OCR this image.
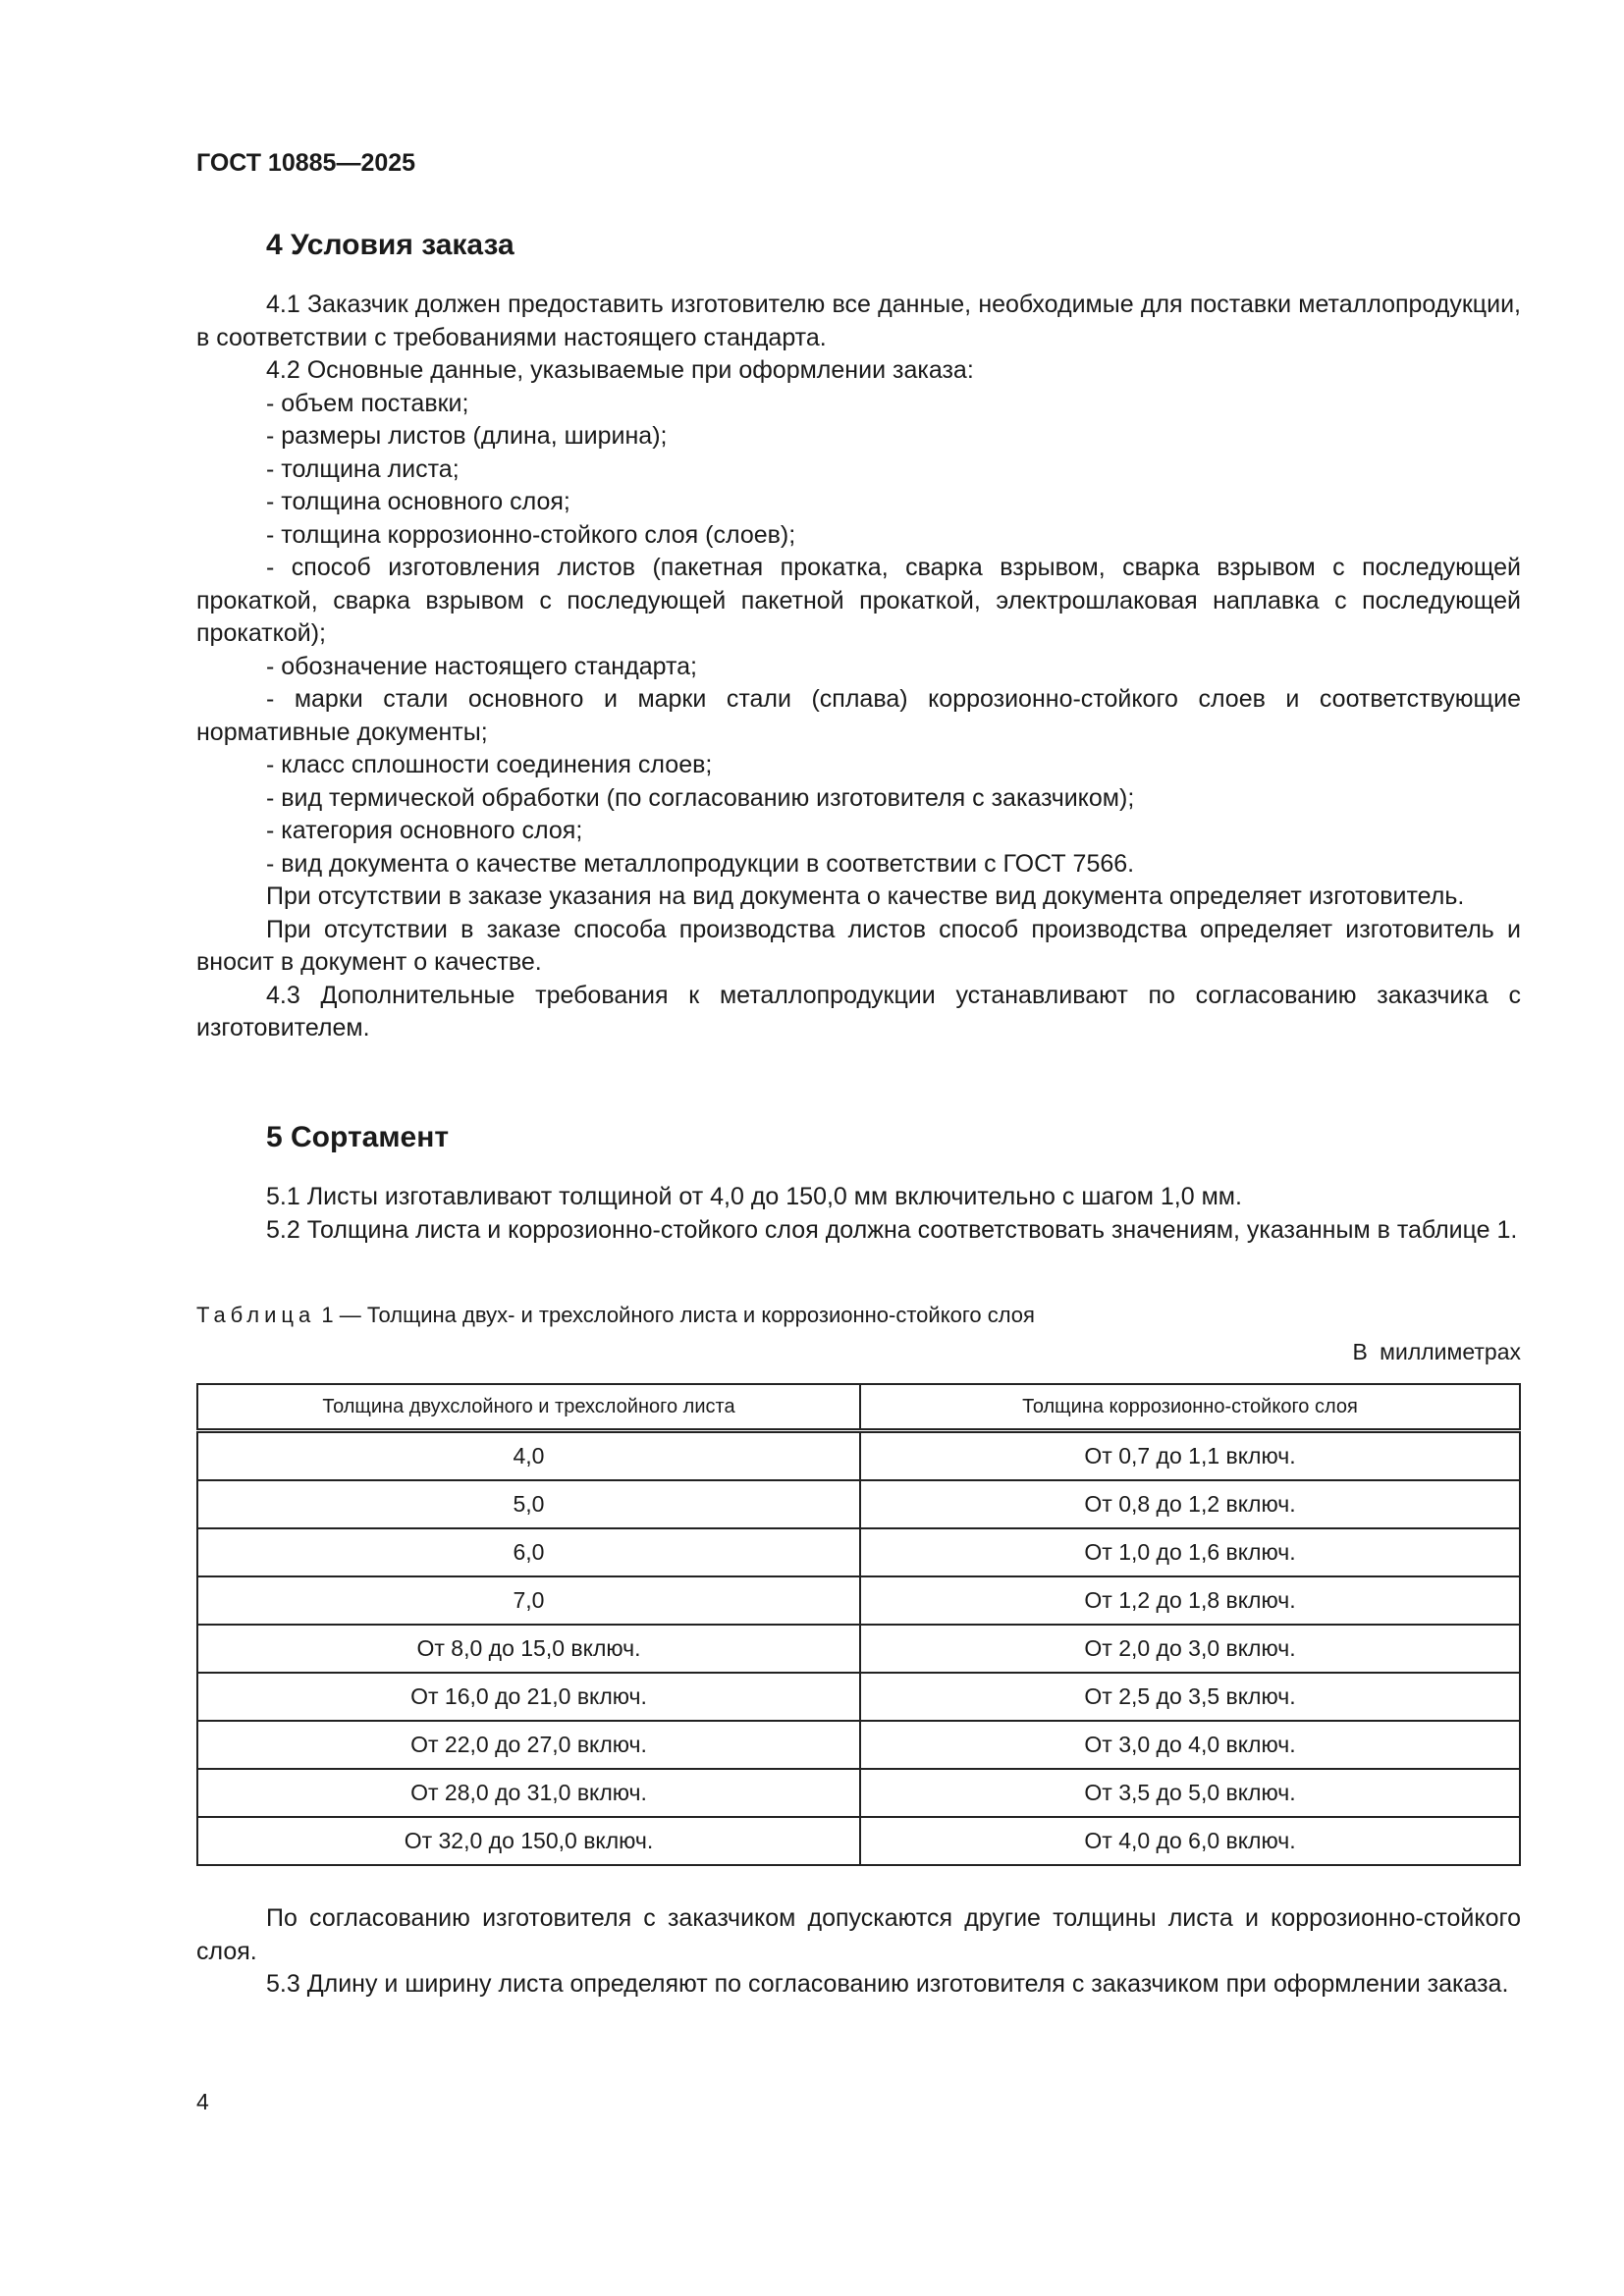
ГОСТ 10885—2025
4 Условия заказа

4.1 Заказчик должен предоставить изготовителю все данные, необходимые для поставки металлопродукции, в соответствии с требованиями настоящего стандарта.

4.2 Основные данные, указываемые при оформлении заказа:

- объем поставки;

- размеры листов (длина, ширина);

- толщина листа;

- толщина основного слоя;

- толщина коррозионно-стойкого слоя (слоев);

- способ изготовления листов (пакетная прокатка, сварка взрывом, сварка взрывом с последующей прокаткой, сварка взрывом с последующей пакетной прокаткой, электрошлаковая наплавка с последующей прокаткой);

- обозначение настоящего стандарта;

- марки стали основного и марки стали (сплава) коррозионно-стойкого слоев и соответствующие нормативные документы;

- класс сплошности соединения слоев;

- вид термической обработки (по согласованию изготовителя с заказчиком);

- категория основного слоя;

- вид документа о качестве металлопродукции в соответствии с ГОСТ 7566.

При отсутствии в заказе указания на вид документа о качестве вид документа определяет изготовитель.

При отсутствии в заказе способа производства листов способ производства определяет изготовитель и вносит в документ о качестве.

4.3 Дополнительные требования к металлопродукции устанавливают по согласованию заказчика с изготовителем.

5 Сортамент

5.1 Листы изготавливают толщиной от 4,0 до 150,0 мм включительно с шагом 1,0 мм.

5.2 Толщина листа и коррозионно-стойкого слоя должна соответствовать значениям, указанным в таблице 1.

Таблица 1 — Толщина двух- и трехслойного листа и коррозионно-стойкого слоя
В миллиметрах
Толщина двухслойного и трехслойного листа	Толщина коррозионно-стойкого слоя
4,0	От 0,7 до 1,1 включ.
5,0	От 0,8 до 1,2 включ.
6,0	От 1,0 до 1,6 включ.
7,0	От 1,2 до 1,8 включ.
От 8,0 до 15,0 включ.	От 2,0 до 3,0 включ.
От 16,0 до 21,0 включ.	От 2,5 до 3,5 включ.
От 22,0 до 27,0 включ.	От 3,0 до 4,0 включ.
От 28,0 до 31,0 включ.	От 3,5 до 5,0 включ.
От 32,0 до 150,0 включ.	От 4,0 до 6,0 включ.

По согласованию изготовителя с заказчиком допускаются другие толщины листа и коррозионно-стойкого слоя.

5.3 Длину и ширину листа определяют по согласованию изготовителя с заказчиком при оформлении заказа.

4
